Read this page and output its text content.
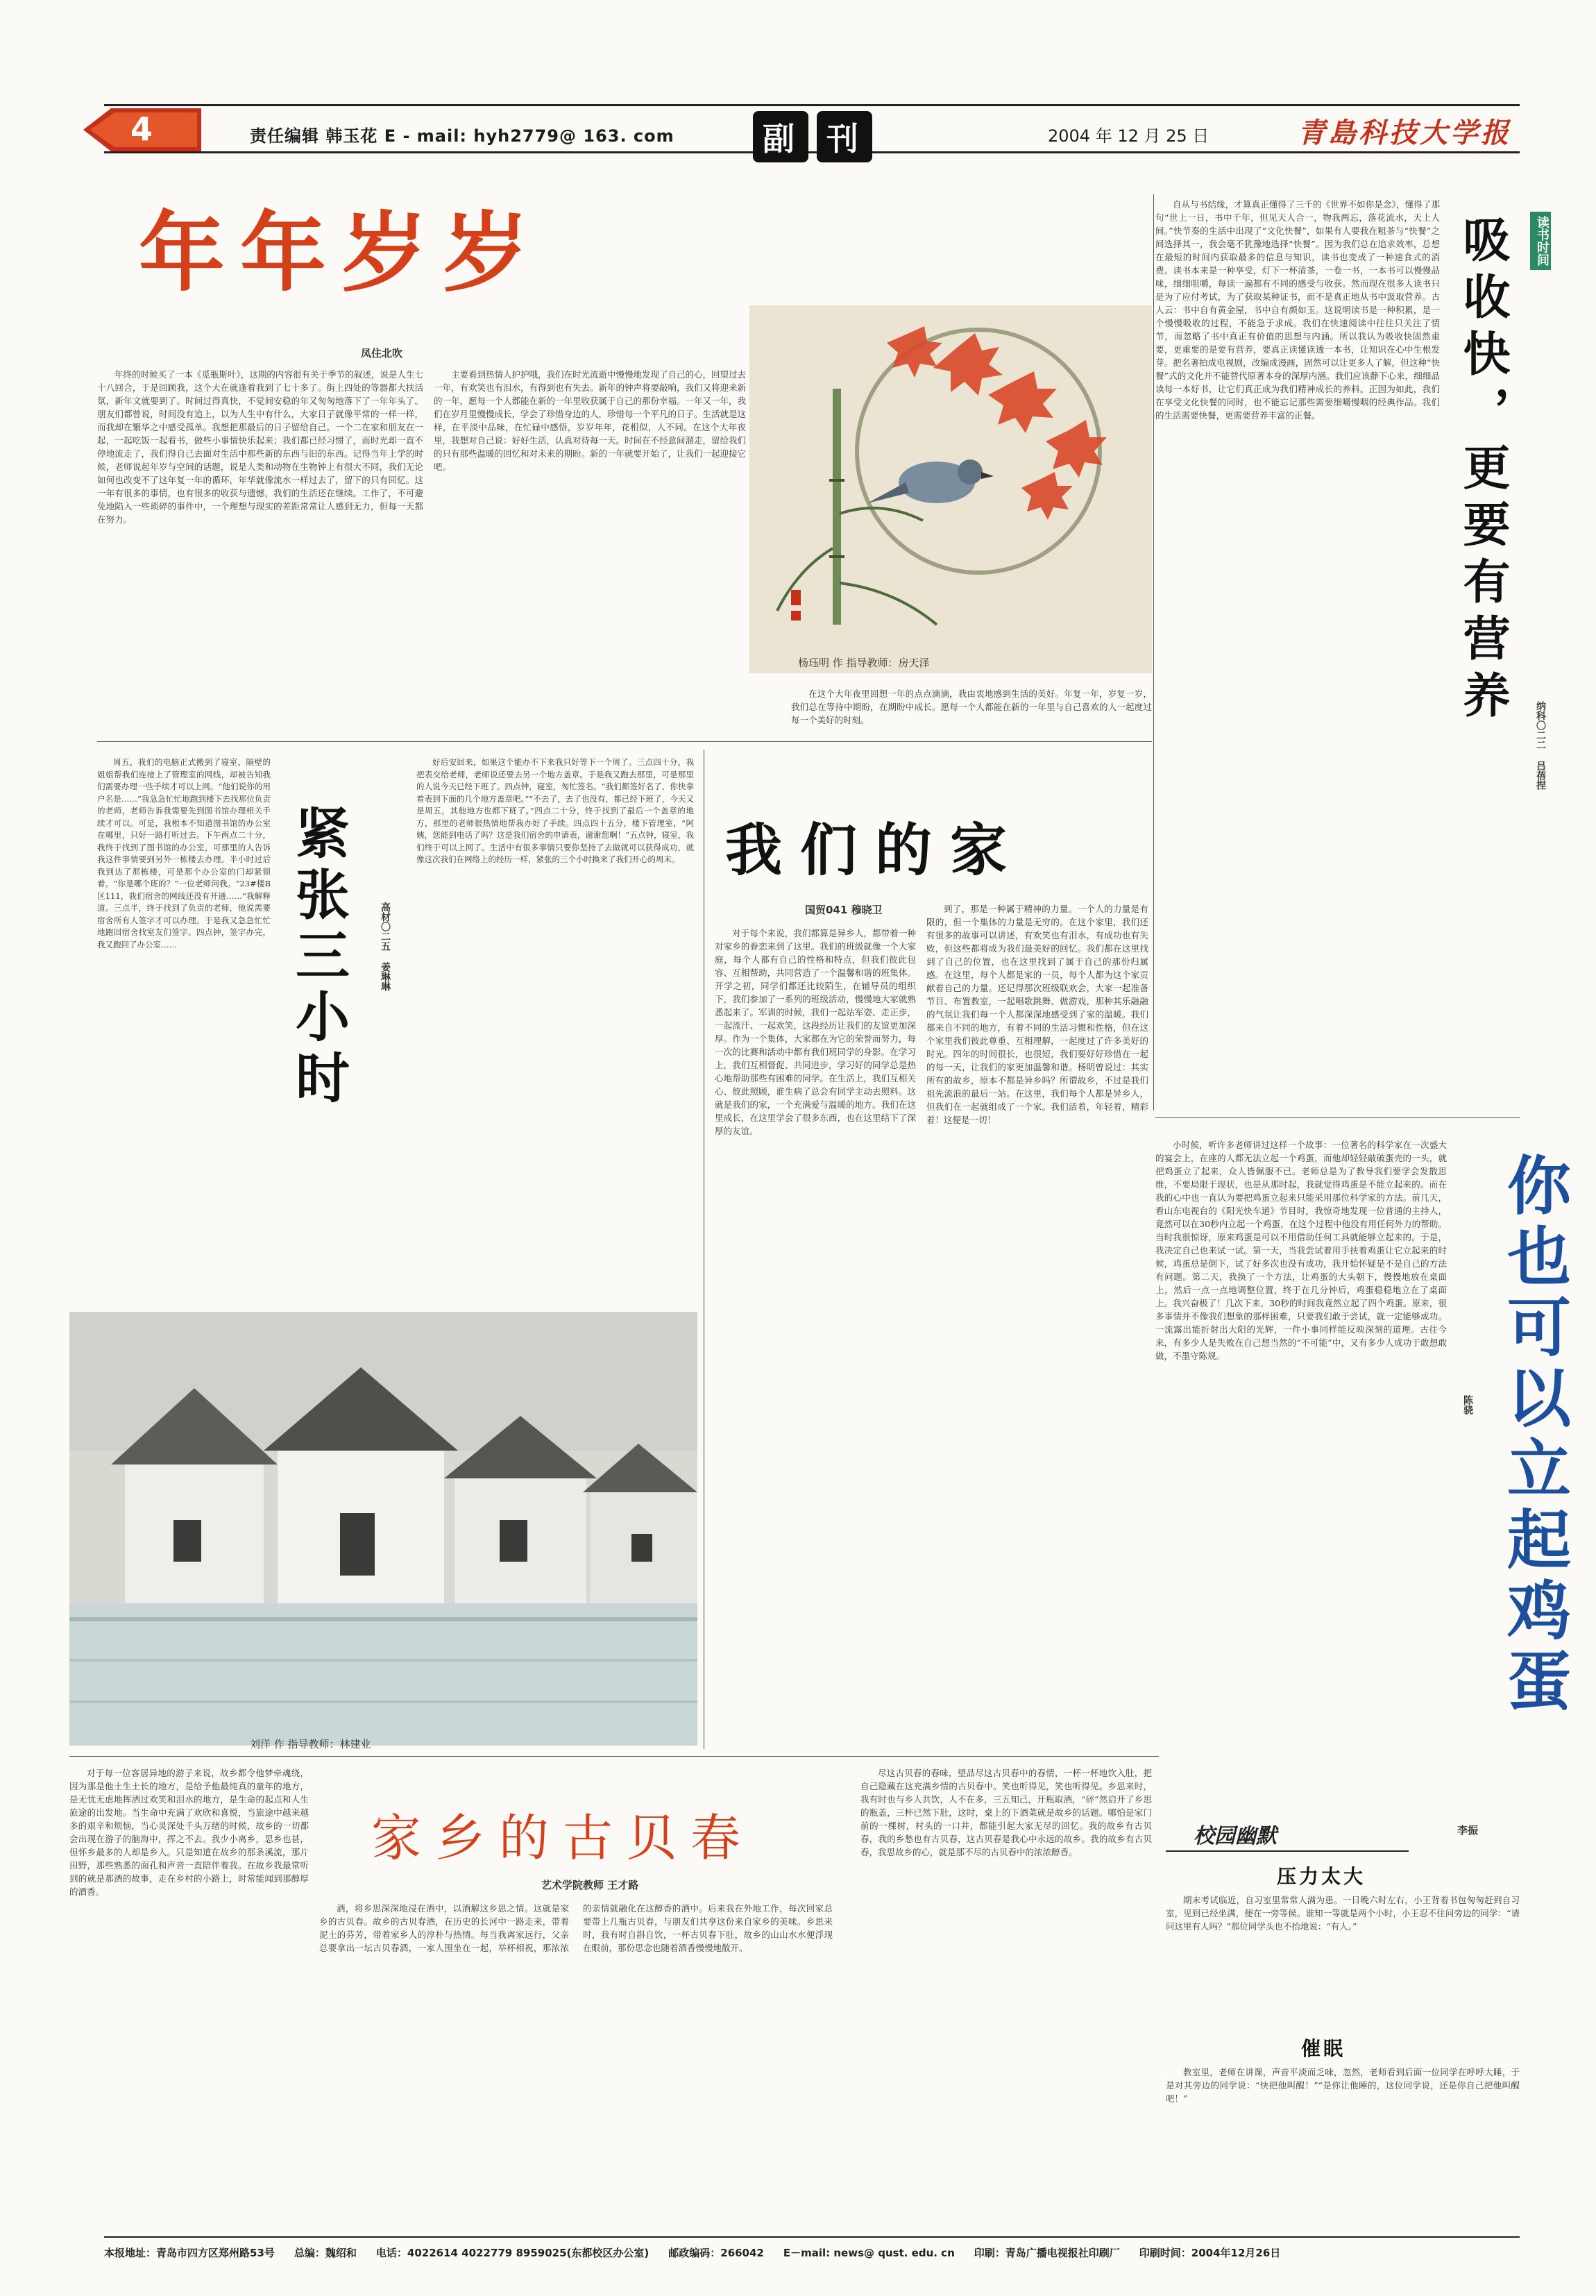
4	责任编辑 韩玉花 E - mail: hyh2779@ 163. com	副 刊	2004 年 12 月 25 日	青島科技大学报
年年岁岁
凤住北吹

年终的时候买了一本《觅瓶斯叶》，这期的内容很有关于季节的叙述，说是人生七十八回合，于是回顾我，这个大在就逢着我到了七十多了。街上四处的等器都大扶活氛，新年文就要到了。时间过得真快，不觉间安稳的年又匆匆地落下了一年年头了。朋友们都曾说，时间没有追上，以为人生中有什么，大家日子就像平常的一样一样，而我却在繁华之中感受孤单。我想把那最后的日子留给自己。一个二在家和朋友在一起，一起吃饭一起看书，做些小事情快乐起来；我们都已经习惯了，而时光却一直不停地流走了，我们得自己去面对生活中那些新的东西与旧的东西。记得当年上学的时候，老师说起年岁与空间的话题，说是人类和动物在生物钟上有很大不同，我们无论如何也改变不了这年复一年的循环，年华就像流水一样过去了，留下的只有回忆。这一年有很多的事情，也有很多的收获与遗憾，我们的生活还在继续。工作了，不可避免地陷入一些琐碎的事件中，一个理想与现实的差距常常让人感到无力，但每一天都在努力。

主要看到热情人护护哦，我们在时光流逝中慢慢地发现了自己的心，回望过去一年，有欢笑也有泪水，有得到也有失去。新年的钟声将要敲响，我们又将迎来新的一年，愿每一个人都能在新的一年里收获属于自己的那份幸福。一年又一年，我们在岁月里慢慢成长，学会了珍惜身边的人，珍惜每一个平凡的日子。生活就是这样，在平淡中品味，在忙碌中感悟，岁岁年年，花相似，人不同。在这个大年夜里，我想对自己说：好好生活，认真对待每一天。时间在不经意间溜走，留给我们的只有那些温暖的回忆和对未来的期盼。新的一年就要开始了，让我们一起迎接它吧。

在这个大年夜里回想一年的点点滴滴，我由衷地感到生活的美好。年复一年，岁复一岁，我们总在等待中期盼，在期盼中成长。愿每一个人都能在新的一年里与自己喜欢的人一起度过每一个美好的时刻。

杨珏明 作 指导教师：房天泽
读书时间
吸收快，更要有营养
纳科〇二二 吕蓓捏

自从与书结缘，才算真正懂得了三千的《世界不如你是念》，懂得了那句“世上一日，书中千年，但见天人合一，物我两忘，落花流水，天上人间。”快节奏的生活中出现了“文化快餐”，如果有人要我在粗茶与“快餐”之间选择其一，我会毫不犹豫地选择“快餐”。因为我们总在追求效率，总想在最短的时间内获取最多的信息与知识，读书也变成了一种速食式的消费。读书本来是一种享受，灯下一杯清茶，一卷一书，一本书可以慢慢品味，细细咀嚼，每读一遍都有不同的感受与收获。然而现在很多人读书只是为了应付考试，为了获取某种证书，而不是真正地从书中汲取营养。古人云：书中自有黄金屋，书中自有颜如玉。这说明读书是一种积累，是一个慢慢吸收的过程，不能急于求成。我们在快速阅读中往往只关注了情节，而忽略了书中真正有价值的思想与内涵。所以我认为吸收快固然重要，更重要的是要有营养，要真正读懂读透一本书，让知识在心中生根发芽。把名著拍成电视剧，改编成漫画，固然可以让更多人了解，但这种“快餐”式的文化并不能替代原著本身的深厚内涵。我们应该静下心来，细细品读每一本好书，让它们真正成为我们精神成长的养料。正因为如此，我们在享受文化快餐的同时，也不能忘记那些需要细嚼慢咽的经典作品。我们的生活需要快餐，更需要营养丰富的正餐。

周五，我们的电脑正式搬到了寝室，隔壁的姐姐帮我们连接上了管理室的网线，却被告知我们需要办理一些手续才可以上网。“他们说你的用户名是……”我急急忙忙地跑到楼下去找那位负责的老师，老师告诉我需要先到图书馆办理相关手续才可以。可是，我根本不知道图书馆的办公室在哪里，只好一路打听过去。下午两点二十分，我终于找到了图书馆的办公室，可那里的人告诉我这件事情要到另外一栋楼去办理。半小时过后我到达了那栋楼，可是那个办公室的门却紧锁着。“你是哪个班的？”一位老师问我。“23#楼B区111，我们宿舍的网线还没有开通……”我解释道。三点半，终于找到了负责的老师，他说需要宿舍所有人签字才可以办理。于是我又急急忙忙地跑回宿舍找室友们签字。四点钟，签字办完，我又跑回了办公室……	紧张三小时	高材〇二五 姜琳琳

好后安回来，如果这个能办不下来我只好等下一个周了。三点四十分，我把表交给老师，老师说还要去另一个地方盖章。于是我又跑去那里，可是那里的人说今天已经下班了。四点钟，寝室，匆忙签名。“我们都签好名了，你快拿着表到下面的几个地方盖章吧。”“不去了，去了也没有，都已经下班了，今天又是周五，其他地方也都下班了。”四点二十分，终于找到了最后一个盖章的地方，那里的老师很热情地帮我办好了手续。四点四十五分，楼下管理室，“阿姨，您能到电话了吗？这是我们宿舍的申请表，谢谢您啊！”五点钟，寝室，我们终于可以上网了。生活中有很多事情只要你坚持了去做就可以获得成功，就像这次我们在网络上的经历一样，紧张的三个小时换来了我们开心的周末。

刘洋 作 指导教师：林建业
我们的家
国贸041 穆晓卫

对于每个来说，我们都算是异乡人，都带着一种对家乡的眷恋来到了这里。我们的班级就像一个大家庭，每个人都有自己的性格和特点，但我们彼此包容、互相帮助，共同营造了一个温馨和谐的班集体。开学之初，同学们都还比较陌生，在辅导员的组织下，我们参加了一系列的班级活动，慢慢地大家就熟悉起来了。军训的时候，我们一起站军姿、走正步，一起流汗、一起欢笑，这段经历让我们的友谊更加深厚。作为一个集体，大家都在为它的荣誉而努力，每一次的比赛和活动中都有我们班同学的身影。在学习上，我们互相督促、共同进步，学习好的同学总是热心地帮助那些有困难的同学。在生活上，我们互相关心、彼此照顾，谁生病了总会有同学主动去照料。这就是我们的家，一个充满爱与温暖的地方。我们在这里成长，在这里学会了很多东西，也在这里结下了深厚的友谊。

到了，那是一种属于精神的力量。一个人的力量是有限的，但一个集体的力量是无穷的。在这个家里，我们还有很多的故事可以讲述，有欢笑也有泪水，有成功也有失败，但这些都将成为我们最美好的回忆。我们都在这里找到了自己的位置，也在这里找到了属于自己的那份归属感。在这里，每个人都是家的一员，每个人都为这个家贡献着自己的力量。还记得那次班级联欢会，大家一起准备节目、布置教室，一起唱歌跳舞、做游戏，那种其乐融融的气氛让我们每一个人都深深地感受到了家的温暖。我们都来自不同的地方，有着不同的生活习惯和性格，但在这个家里我们彼此尊重、互相理解，一起度过了许多美好的时光。四年的时间很长，也很短，我们要好好珍惜在一起的每一天，让我们的家更加温馨和谐。杨明曾说过：其实所有的故乡，原本不都是异乡吗？所谓故乡，不过是我们祖先流浪的最后一站。在这里，我们每个人都是异乡人，但我们在一起就组成了一个家。我们活着，年轻着，精彩着！这便是一切！

你也可以立起鸡蛋
陈骁

小时候，听许多老师讲过这样一个故事：一位著名的科学家在一次盛大的宴会上，在座的人都无法立起一个鸡蛋，而他却轻轻敲破蛋壳的一头，就把鸡蛋立了起来，众人皆佩服不已。老师总是为了教导我们要学会发散思维，不要局限于现状，也是从那时起，我就觉得鸡蛋是不能立起来的。而在我的心中也一直认为要把鸡蛋立起来只能采用那位科学家的方法。前几天，看山东电视台的《阳光快车道》节目时，我惊奇地发现一位普通的主持人，竟然可以在30秒内立起一个鸡蛋，在这个过程中他没有用任何外力的帮助。当时我很惊讶，原来鸡蛋是可以不用借助任何工具就能够立起来的。于是，我决定自己也来试一试。第一天，当我尝试着用手扶着鸡蛋让它立起来的时候，鸡蛋总是倒下，试了好多次也没有成功，我开始怀疑是不是自己的方法有问题。第二天，我换了一个方法，让鸡蛋的大头朝下，慢慢地放在桌面上，然后一点一点地调整位置，终于在几分钟后，鸡蛋稳稳地立在了桌面上。我兴奋极了！几次下来，30秒的时间我竟然立起了四个鸡蛋。原来，很多事情并不像我们想象的那样困难，只要我们敢于尝试，就一定能够成功。一流露出能折射出大阳的光辉，一件小事同样能反映深刻的道理。古往今来，有多少人是失败在自己想当然的“不可能”中，又有多少人成功于敢想敢做，不墨守陈规。

对于每一位客居异地的游子来说，故乡都令他梦牵魂绕，因为那是他土生土长的地方，是给予他最纯真的童年的地方，是无忧无虑地挥洒过欢笑和泪水的地方，是生命的起点和人生旅途的出发地。当生命中充满了欢欣和喜悦，当旅途中越来越多的艰辛和烦恼，当心灵深处千头万绪的时候，故乡的一切都会出现在游子的脑海中，挥之不去。我少小离乡，思乡也甚，但怀乡最多的人却是乡人。只是知道在故乡的那条溪流，那片田野，那些熟悉的面孔和声音一直陪伴着我。在故乡我最常听到的就是那酒的故事，走在乡村的小路上，时常能闻到那醇厚的酒香。

家乡的古贝春
艺术学院教师 王才路

酒，将乡思深深地浸在酒中，以酒解这乡思之情。这就是家乡的古贝春。故乡的古贝春酒，在历史的长河中一路走来，带着泥土的芬芳，带着家乡人的淳朴与热情。每当我离家远行，父亲总要拿出一坛古贝春酒，一家人围坐在一起，举杯相祝，那浓浓的亲情就融化在这醇香的酒中。后来我在外地工作，每次回家总要带上几瓶古贝春，与朋友们共享这份来自家乡的美味。乡思来时，我有时自斟自饮，一杯古贝春下肚，故乡的山山水水便浮现在眼前，那份思念也随着酒香慢慢地散开。

尽这古贝春的春味，望品尽这古贝春中的春情，一杯一杯地饮入肚，把自己隐藏在这充满乡情的古贝春中。笑也听得见，笑也听得见。乡思来时，我有时也与乡人共饮，人不在多，三五知己，开瓶取酒，“砰”然启开了乡思的瓶盖，三杯已然下肚，这时，桌上的下酒菜就是故乡的话题。哪怕是家门前的一棵树，村头的一口井，都能引起大家无尽的回忆。我的故乡有古贝春，我的乡愁也有古贝春，这古贝春是我心中永远的故乡。我的故乡有古贝春，我思故乡的心，就是那不尽的古贝春中的浓浓醇香。

校园幽默	李振
压力太大

期末考试临近，自习室里常常人满为患。一日晚六时左右，小王背着书包匆匆赶到自习室，见到已经坐满，便在一旁等候。谁知一等就是两个小时，小王忍不住问旁边的同学：“请问这里有人吗？”那位同学头也不抬地说：“有人。”

催眠

教室里，老师在讲课，声音平淡而乏味，忽然，老师看到后面一位同学在呼呼大睡，于是对其旁边的同学说：“快把他叫醒！”“是你让他睡的，这位同学说，还是你自己把他叫醒吧！”

本报地址：青岛市四方区郑州路53号 总编：魏绍和 电话：4022614 4022779 8959025(东都校区办公室) 邮政编码：266042 E－mail: news@ qust. edu. cn 印刷：青岛广播电视报社印刷厂 印刷时间：2004年12月26日
